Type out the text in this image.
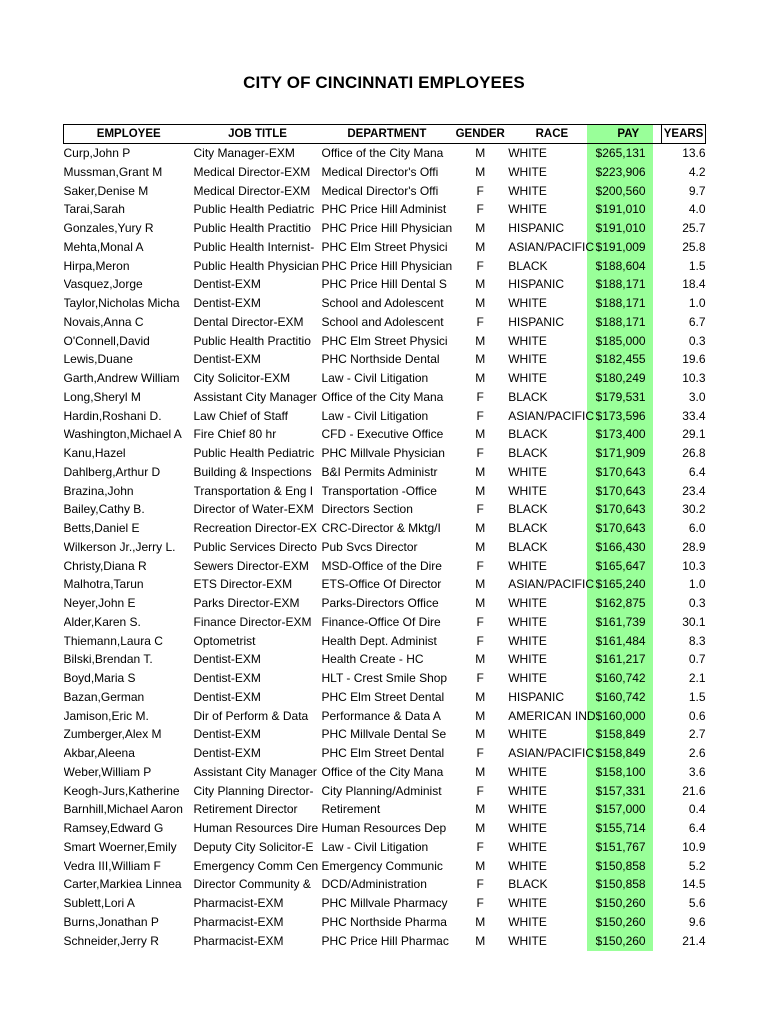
CITY OF CINCINNATI EMPLOYEES
EMPLOYEE	JOB TITLE	DEPARTMENT	GENDER	RACE	PAY	YEARS
Curp,John P	City Manager-EXM	Office of the City Mana	M	WHITE	$265,131	13.6
Mussman,Grant M	Medical Director-EXM	Medical Director's Offi	M	WHITE	$223,906	4.2
Saker,Denise M	Medical Director-EXM	Medical Director's Offi	F	WHITE	$200,560	9.7
Tarai,Sarah	Public Health Pediatric	PHC Price Hill Administ	F	WHITE	$191,010	4.0
Gonzales,Yury R	Public Health Practitio	PHC Price Hill Physician	M	HISPANIC	$191,010	25.7
Mehta,Monal A	Public Health Internist-	PHC Elm Street Physici	M	ASIAN/PACIFIC	$191,009	25.8
Hirpa,Meron	Public Health Physician	PHC Price Hill Physician	F	BLACK	$188,604	1.5
Vasquez,Jorge	Dentist-EXM	PHC Price Hill Dental S	M	HISPANIC	$188,171	18.4
Taylor,Nicholas Micha	Dentist-EXM	School and Adolescent	M	WHITE	$188,171	1.0
Novais,Anna C	Dental Director-EXM	School and Adolescent	F	HISPANIC	$188,171	6.7
O'Connell,David	Public Health Practitio	PHC Elm Street Physici	M	WHITE	$185,000	0.3
Lewis,Duane	Dentist-EXM	PHC Northside Dental	M	WHITE	$182,455	19.6
Garth,Andrew William	City Solicitor-EXM	Law - Civil Litigation	M	WHITE	$180,249	10.3
Long,Sheryl M	Assistant City Manager	Office of the City Mana	F	BLACK	$179,531	3.0
Hardin,Roshani D.	Law Chief of Staff	Law - Civil Litigation	F	ASIAN/PACIFIC	$173,596	33.4
Washington,Michael A	Fire Chief 80 hr	CFD - Executive Office	M	BLACK	$173,400	29.1
Kanu,Hazel	Public Health Pediatric	PHC Millvale Physician	F	BLACK	$171,909	26.8
Dahlberg,Arthur D	Building & Inspections	B&I Permits Administr	M	WHITE	$170,643	6.4
Brazina,John	Transportation & Eng I	Transportation -Office	M	WHITE	$170,643	23.4
Bailey,Cathy B.	Director of Water-EXM	Directors Section	F	BLACK	$170,643	30.2
Betts,Daniel E	Recreation Director-EX	CRC-Director & Mktg/I	M	BLACK	$170,643	6.0
Wilkerson Jr.,Jerry L.	Public Services Directo	Pub Svcs Director	M	BLACK	$166,430	28.9
Christy,Diana R	Sewers Director-EXM	MSD-Office of the Dire	F	WHITE	$165,647	10.3
Malhotra,Tarun	ETS Director-EXM	ETS-Office Of Director	M	ASIAN/PACIFIC	$165,240	1.0
Neyer,John E	Parks Director-EXM	Parks-Directors Office	M	WHITE	$162,875	0.3
Alder,Karen S.	Finance Director-EXM	Finance-Office Of Dire	F	WHITE	$161,739	30.1
Thiemann,Laura C	Optometrist	Health Dept. Administ	F	WHITE	$161,484	8.3
Bilski,Brendan T.	Dentist-EXM	Health Create - HC	M	WHITE	$161,217	0.7
Boyd,Maria S	Dentist-EXM	HLT - Crest Smile Shop	F	WHITE	$160,742	2.1
Bazan,German	Dentist-EXM	PHC Elm Street Dental	M	HISPANIC	$160,742	1.5
Jamison,Eric M.	Dir of Perform & Data	Performance & Data A	M	AMERICAN IND	$160,000	0.6
Zumberger,Alex M	Dentist-EXM	PHC Millvale Dental Se	M	WHITE	$158,849	2.7
Akbar,Aleena	Dentist-EXM	PHC Elm Street Dental	F	ASIAN/PACIFIC	$158,849	2.6
Weber,William P	Assistant City Manager	Office of the City Mana	M	WHITE	$158,100	3.6
Keogh-Jurs,Katherine	City Planning Director-	City Planning/Administ	F	WHITE	$157,331	21.6
Barnhill,Michael Aaron	Retirement Director	Retirement	M	WHITE	$157,000	0.4
Ramsey,Edward G	Human Resources Dire	Human Resources Dep	M	WHITE	$155,714	6.4
Smart Woerner,Emily	Deputy City Solicitor-E	Law - Civil Litigation	F	WHITE	$151,767	10.9
Vedra III,William F	Emergency Comm Cen	Emergency Communic	M	WHITE	$150,858	5.2
Carter,Markiea Linnea	Director Community &	DCD/Administration	F	BLACK	$150,858	14.5
Sublett,Lori A	Pharmacist-EXM	PHC Millvale Pharmacy	F	WHITE	$150,260	5.6
Burns,Jonathan P	Pharmacist-EXM	PHC Northside Pharma	M	WHITE	$150,260	9.6
Schneider,Jerry R	Pharmacist-EXM	PHC Price Hill Pharmac	M	WHITE	$150,260	21.4
